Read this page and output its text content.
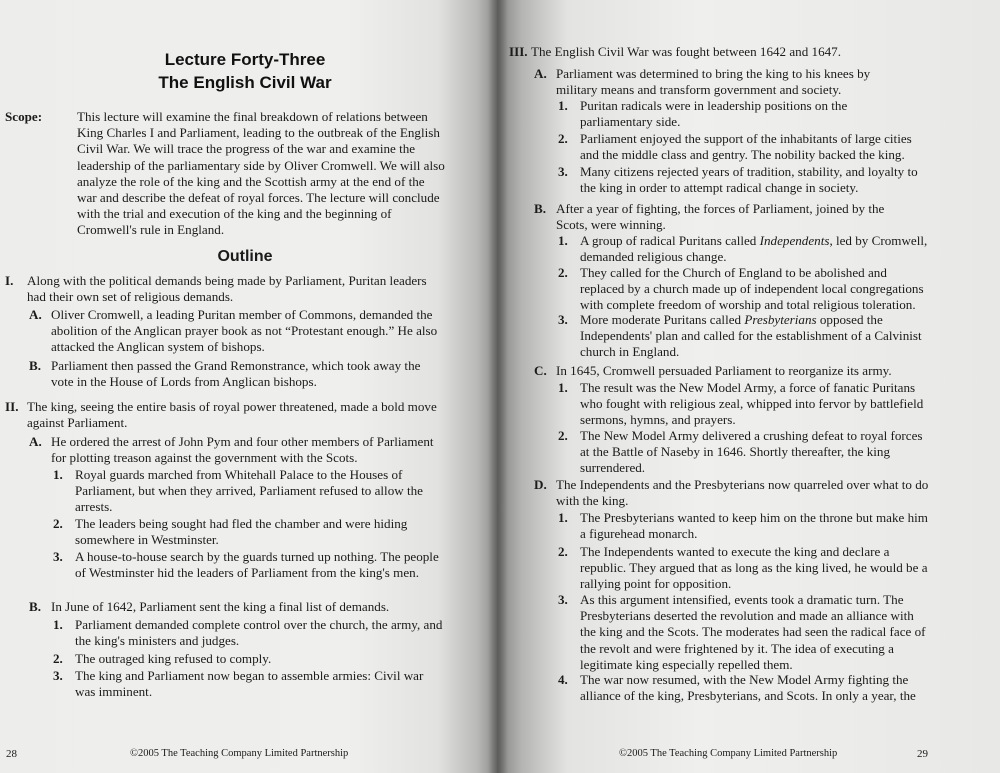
Lecture Forty-Three
The English Civil War
Scope:	This lecture will examine the final breakdown of relations between King Charles I and Parliament, leading to the outbreak of the English Civil War. We will trace the progress of the war and examine the leadership of the parliamentary side by Oliver Cromwell. We will also analyze the role of the king and the Scottish army at the end of the war and describe the defeat of royal forces. The lecture will conclude with the trial and execution of the king and the beginning of Cromwell's rule in England.
Outline
I. Along with the political demands being made by Parliament, Puritan leaders had their own set of religious demands.
A. Oliver Cromwell, a leading Puritan member of Commons, demanded the abolition of the Anglican prayer book as not “Protestant enough.” He also attacked the Anglican system of bishops.
B. Parliament then passed the Grand Remonstrance, which took away the vote in the House of Lords from Anglican bishops.
II. The king, seeing the entire basis of royal power threatened, made a bold move against Parliament.
A. He ordered the arrest of John Pym and four other members of Parliament for plotting treason against the government with the Scots.
1. Royal guards marched from Whitehall Palace to the Houses of Parliament, but when they arrived, Parliament refused to allow the arrests.
2. The leaders being sought had fled the chamber and were hiding somewhere in Westminster.
3. A house-to-house search by the guards turned up nothing. The people of Westminster hid the leaders of Parliament from the king's men.
B. In June of 1642, Parliament sent the king a final list of demands.
1. Parliament demanded complete control over the church, the army, and the king's ministers and judges.
2. The outraged king refused to comply.
3. The king and Parliament now began to assemble armies: Civil war was imminent.
28	©2005 The Teaching Company Limited Partnership
III. The English Civil War was fought between 1642 and 1647.
A. Parliament was determined to bring the king to his knees by military means and transform government and society.
1. Puritan radicals were in leadership positions on the parliamentary side.
2. Parliament enjoyed the support of the inhabitants of large cities and the middle class and gentry. The nobility backed the king.
3. Many citizens rejected years of tradition, stability, and loyalty to the king in order to attempt radical change in society.
B. After a year of fighting, the forces of Parliament, joined by the Scots, were winning.
1. A group of radical Puritans called Independents, led by Cromwell, demanded religious change.
2. They called for the Church of England to be abolished and replaced by a church made up of independent local congregations with complete freedom of worship and total religious toleration.
3. More moderate Puritans called Presbyterians opposed the Independents' plan and called for the establishment of a Calvinist church in England.
C. In 1645, Cromwell persuaded Parliament to reorganize its army.
1. The result was the New Model Army, a force of fanatic Puritans who fought with religious zeal, whipped into fervor by battlefield sermons, hymns, and prayers.
2. The New Model Army delivered a crushing defeat to royal forces at the Battle of Naseby in 1646. Shortly thereafter, the king surrendered.
D. The Independents and the Presbyterians now quarreled over what to do with the king.
1. The Presbyterians wanted to keep him on the throne but make him a figurehead monarch.
2. The Independents wanted to execute the king and declare a republic. They argued that as long as the king lived, he would be a rallying point for opposition.
3. As this argument intensified, events took a dramatic turn. The Presbyterians deserted the revolution and made an alliance with the king and the Scots. The moderates had seen the radical face of the revolt and were frightened by it. The idea of executing a legitimate king especially repelled them.
4. The war now resumed, with the New Model Army fighting the alliance of the king, Presbyterians, and Scots. In only a year, the
©2005 The Teaching Company Limited Partnership	29
